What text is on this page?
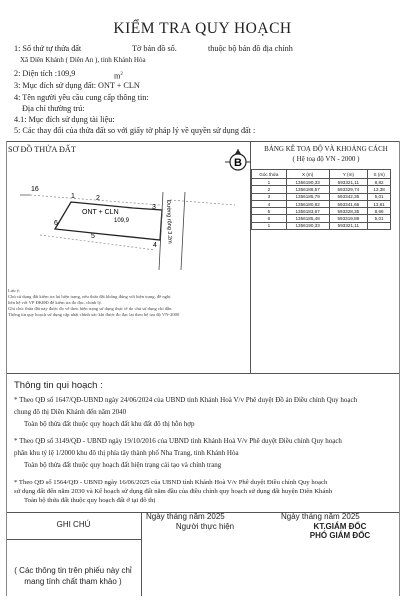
KIỂM TRA QUY HOẠCH
1: Số thứ tự thửa đất	Tờ bản đồ số.	thuộc bộ bản đồ địa chính
Xã Diên Khánh ( Diên An ), tỉnh Khánh Hòa
2: Diện tích :109,9	$m^2$
3: Mục đích sử dụng đất: ONT + CLN
4: Tên người yêu cầu cung cấp thông tin:
Địa chỉ thường trú:
4.1: Mục đích sử dụng tài liệu:
5: Các thay đổi của thửa đất so với giấy tờ pháp lý về quyền sử dụng đất :
SƠ ĐỒ THỬA ĐẤT
B
1	2
3
4
5
6
16
ONT + CLN
109,9	Đường rộng 3.2m
Lưu ý:
Chủ sử dụng đất kiểm tra lại hiện trạng, nếu thửa đất không đúng với hiện trạng, đề nghị
liên hệ với VP ĐKĐĐ để kiểm tra đo đạc, chỉnh lý.
Ghi chú: thửa đất này được đo vẽ theo hiện trạng sử dụng thực tế do chủ sử dụng chỉ dẫn.
Thông tin quy hoạch sử dụng cập nhật chính xác khi được đo đạc lại theo hệ tọa độ VN-2000
BẢNG KÊ TOẠ ĐỘ VÀ KHOẢNG CÁCH
( Hệ toạ độ VN - 2000 )
Góc thửa	X (m)	Y (m)	S (m)
1	1356190,33	593321,11	8,82
2	1356188,57	593329,74	13,38
3	1356185,79	593342,35	5,01
4	1356180,82	593341,66	13,61
5	1356183,67	593328,35	8,66
6	1356185,48	593319,88	5,01
1	1356190,33	593321,11	
Thông tin qui hoạch :
* Theo QĐ số 1647/QĐ-UBND ngày 24/06/2024 của UBND tỉnh Khánh Hoà V/v Phê duyệt Đồ án Điều chỉnh Quy hoạch
chung đô thị Diên Khánh đến năm 2040
Toàn bộ thửa đất thuộc quy hoạch đất khu đất đô thị hỗn hợp
* Theo QĐ số 3149/QĐ - UBND ngày 19/10/2016 của UBND tỉnh Khánh Hoà V/v Phê duyệt Điều chỉnh Quy hoạch
phân khu tỷ lệ 1/2000 khu đô thị phía tây thành phố Nha Trang, tỉnh Khánh Hòa
Toàn bộ thửa đất thuộc quy hoạch đất hiện trạng cải tạo và chỉnh trang
* Theo QĐ số 1564/QĐ - UBND ngày 16/06/2025 của UBND tỉnh Khánh Hoà V/v Phê duyệt Điều chỉnh Quy hoạch
sử dụng đất đến năm 2030 và Kế hoạch sử dụng đất năm đầu của điều chỉnh quy hoạch sử dụng đất huyện Diên Khánh
Toàn bộ thửa đất thuộc quy hoạch đất ở tại đô thị
GHI CHÚ
( Các thông tin trên phiếu này chỉ mang tính chất tham khảo )
Ngày tháng năm 2025
Người thực hiện
Ngày tháng năm 2025
KT.GIÁM ĐỐC
PHÓ GIÁM ĐỐC
